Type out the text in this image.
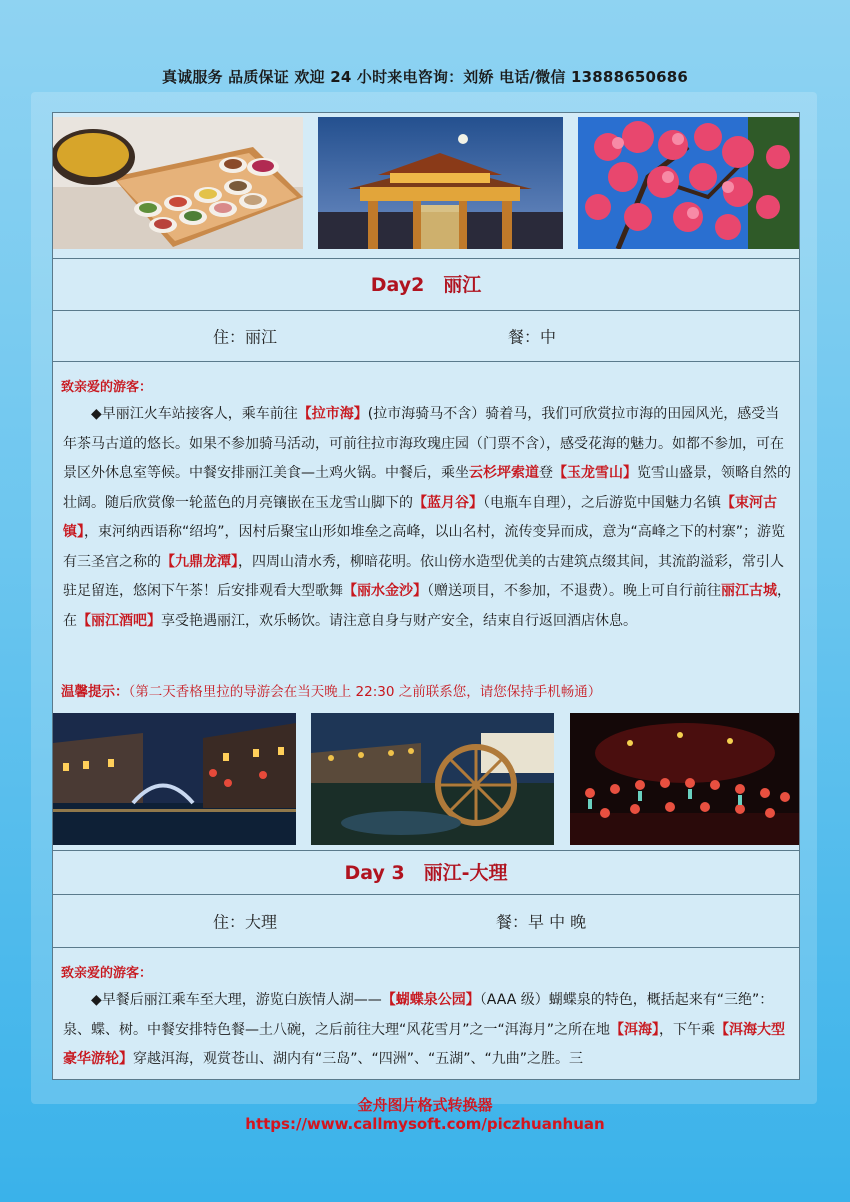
真诚服务 品质保证 欢迎 24 小时来电咨询：刘娇 电话/微信 13888650686
Day2　丽江
住：丽江	餐：中
致亲爱的游客：
◆早丽江火车站接客人，乘车前往【拉市海】(拉市海骑马不含）骑着马，我们可欣赏拉市海的田园风光，感受当年茶马古道的悠长。如果不参加骑马活动，可前往拉市海玫瑰庄园（门票不含），感受花海的魅力。如都不参加，可在景区外休息室等候。中餐安排丽江美食—土鸡火锅。中餐后，乘坐云杉坪索道登【玉龙雪山】览雪山盛景，领略自然的壮阔。随后欣赏像一轮蓝色的月亮镶嵌在玉龙雪山脚下的【蓝月谷】（电瓶车自理），之后游览中国魅力名镇【束河古镇】，束河纳西语称“绍坞”，因村后聚宝山形如堆垒之高峰，以山名村，流传变异而成，意为“高峰之下的村寨”；游览有三圣宫之称的【九鼎龙潭】，四周山清水秀，柳暗花明。依山傍水造型优美的古建筑点缀其间，其流韵溢彩，常引人驻足留连，悠闲下午茶！后安排观看大型歌舞【丽水金沙】（赠送项目，不参加，不退费）。晚上可自行前往丽江古城，在【丽江酒吧】享受艳遇丽江，欢乐畅饮。请注意自身与财产安全，结束自行返回酒店休息。
温馨提示：（第二天香格里拉的导游会在当天晚上 22:30 之前联系您，请您保持手机畅通）
Day 3　丽江-大理
住：大理	餐：早 中 晚
致亲爱的游客：
◆早餐后丽江乘车至大理，游览白族情人湖——【蝴蝶泉公园】（AAA 级）蝴蝶泉的特色，概括起来有“三绝”：泉、蝶、树。中餐安排特色餐—土八碗，之后前往大理“风花雪月”之一“洱海月”之所在地【洱海】，下午乘【洱海大型豪华游轮】穿越洱海，观赏苍山、湖内有“三岛”、“四洲”、“五湖”、“九曲”之胜。三
金舟图片格式转换器
https://www.callmysoft.com/piczhuanhuan
